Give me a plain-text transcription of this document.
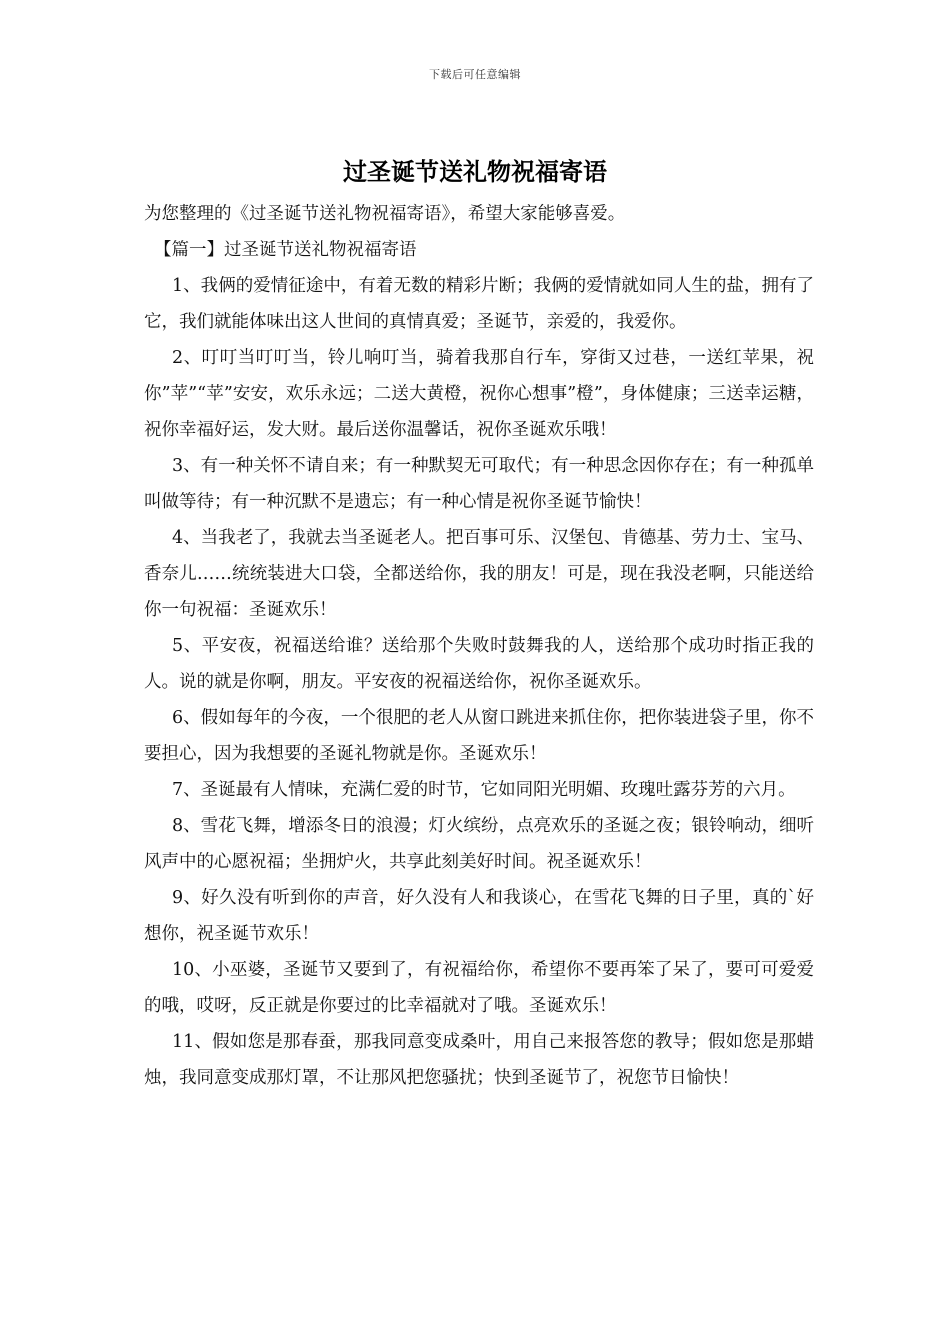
下载后可任意编辑
过圣诞节送礼物祝福寄语

为您整理的《过圣诞节送礼物祝福寄语》，希望大家能够喜爱。

【篇一】过圣诞节送礼物祝福寄语

1、我俩的爱情征途中，有着无数的精彩片断；我俩的爱情就如同人生的盐，拥有了它，我们就能体味出这人世间的真情真爱；圣诞节，亲爱的，我爱你。

2、叮叮当叮叮当，铃儿响叮当，骑着我那自行车，穿街又过巷，一送红苹果，祝你”苹”“苹”安安，欢乐永远；二送大黄橙，祝你心想事”橙”，身体健康；三送幸运糖，祝你幸福好运，发大财。最后送你温馨话，祝你圣诞欢乐哦！

3、有一种关怀不请自来；有一种默契无可取代；有一种思念因你存在；有一种孤单叫做等待；有一种沉默不是遗忘；有一种心情是祝你圣诞节愉快！

4、当我老了，我就去当圣诞老人。把百事可乐、汉堡包、肯德基、劳力士、宝马、香奈儿……统统装进大口袋，全都送给你，我的朋友！可是，现在我没老啊，只能送给你一句祝福：圣诞欢乐！

5、平安夜，祝福送给谁？送给那个失败时鼓舞我的人，送给那个成功时指正我的人。说的就是你啊，朋友。平安夜的祝福送给你，祝你圣诞欢乐。

6、假如每年的今夜，一个很肥的老人从窗口跳进来抓住你，把你装进袋子里，你不要担心，因为我想要的圣诞礼物就是你。圣诞欢乐！

7、圣诞最有人情味，充满仁爱的时节，它如同阳光明媚、玫瑰吐露芬芳的六月。

8、雪花飞舞，增添冬日的浪漫；灯火缤纷，点亮欢乐的圣诞之夜；银铃响动，细听风声中的心愿祝福；坐拥炉火，共享此刻美好时间。祝圣诞欢乐！

9、好久没有听到你的声音，好久没有人和我谈心，在雪花飞舞的日子里，真的`好想你，祝圣诞节欢乐！

10、小巫婆，圣诞节又要到了，有祝福给你，希望你不要再笨了呆了，要可可爱爱的哦，哎呀，反正就是你要过的比幸福就对了哦。圣诞欢乐！

11、假如您是那春蚕，那我同意变成桑叶，用自己来报答您的教导；假如您是那蜡烛，我同意变成那灯罩，不让那风把您骚扰；快到圣诞节了，祝您节日愉快！
